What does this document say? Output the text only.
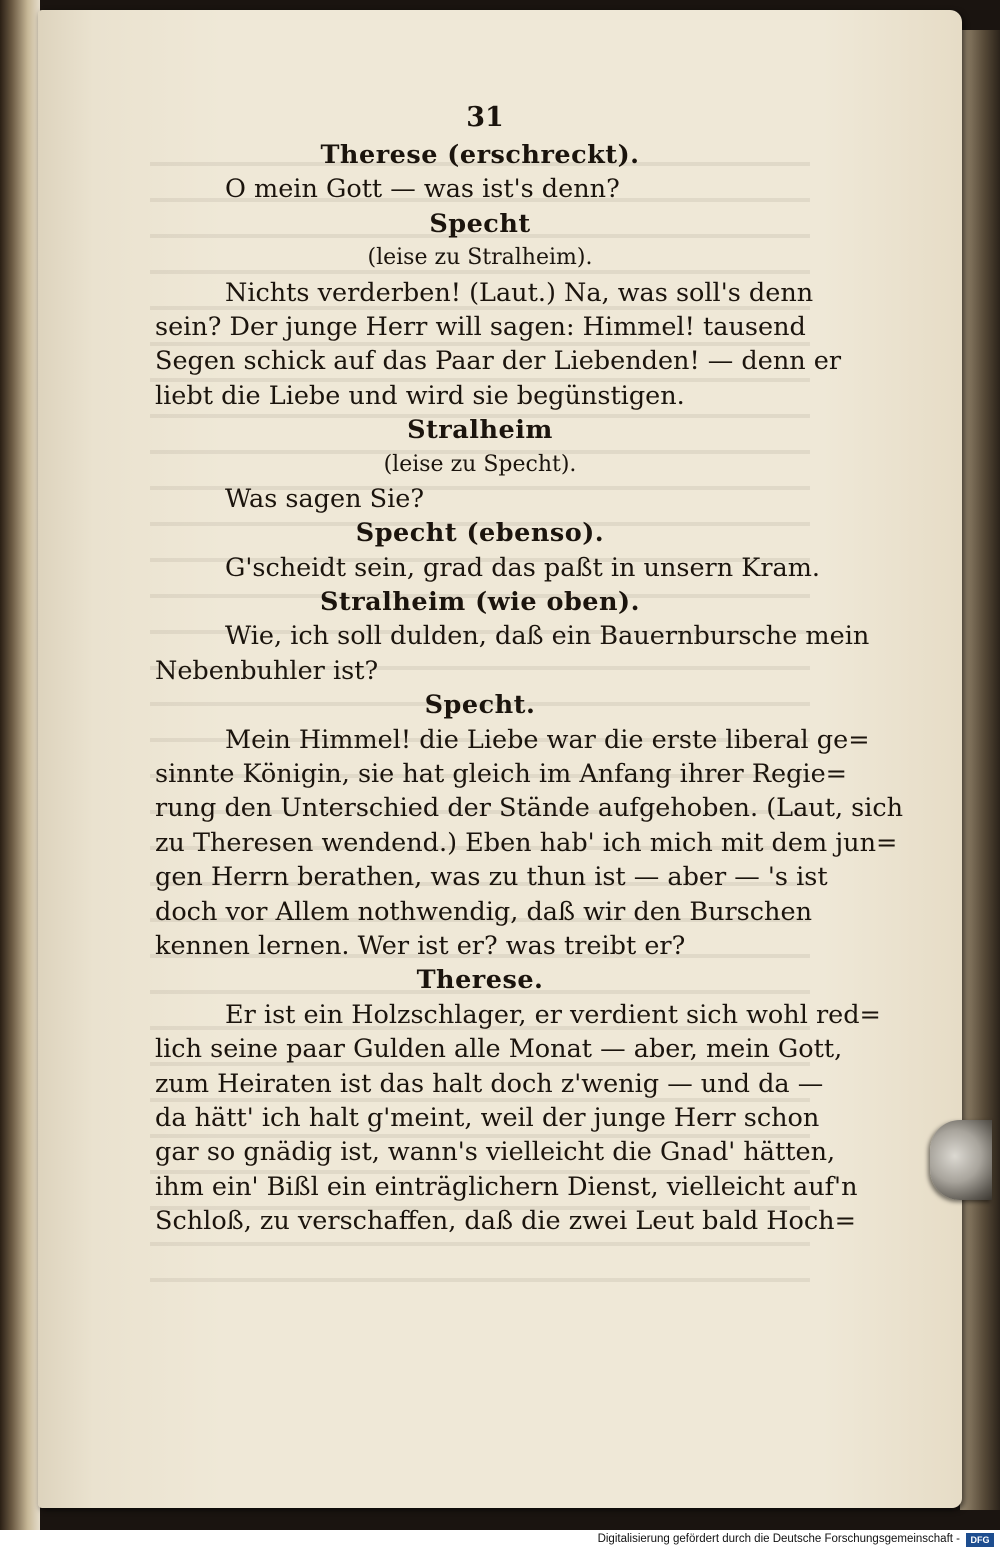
31
Therese (erschreckt).
O mein Gott — was ist's denn?
Specht
(leise zu Stralheim).
Nichts verderben! (Laut.) Na, was soll's denn
sein? Der junge Herr will sagen: Himmel! tausend
Segen schick auf das Paar der Liebenden! — denn er
liebt die Liebe und wird sie begünstigen.
Stralheim
(leise zu Specht).
Was sagen Sie?
Specht (ebenso).
G'scheidt sein, grad das paßt in unsern Kram.
Stralheim (wie oben).
Wie, ich soll dulden, daß ein Bauernbursche mein
Nebenbuhler ist?
Specht.
Mein Himmel! die Liebe war die erste liberal ge=
sinnte Königin, sie hat gleich im Anfang ihrer Regie=
rung den Unterschied der Stände aufgehoben. (Laut, sich
zu Theresen wendend.) Eben hab' ich mich mit dem jun=
gen Herrn berathen, was zu thun ist — aber — 's ist
doch vor Allem nothwendig, daß wir den Burschen
kennen lernen. Wer ist er? was treibt er?
Therese.
Er ist ein Holzschlager, er verdient sich wohl red=
lich seine paar Gulden alle Monat — aber, mein Gott,
zum Heiraten ist das halt doch z'wenig — und da —
da hätt' ich halt g'meint, weil der junge Herr schon
gar so gnädig ist, wann's vielleicht die Gnad' hätten,
ihm ein' Bißl ein einträglichern Dienst, vielleicht auf'n
Schloß, zu verschaffen, daß die zwei Leut bald Hoch=
Digitalisierung gefördert durch die Deutsche Forschungsgemeinschaft -	DFG
